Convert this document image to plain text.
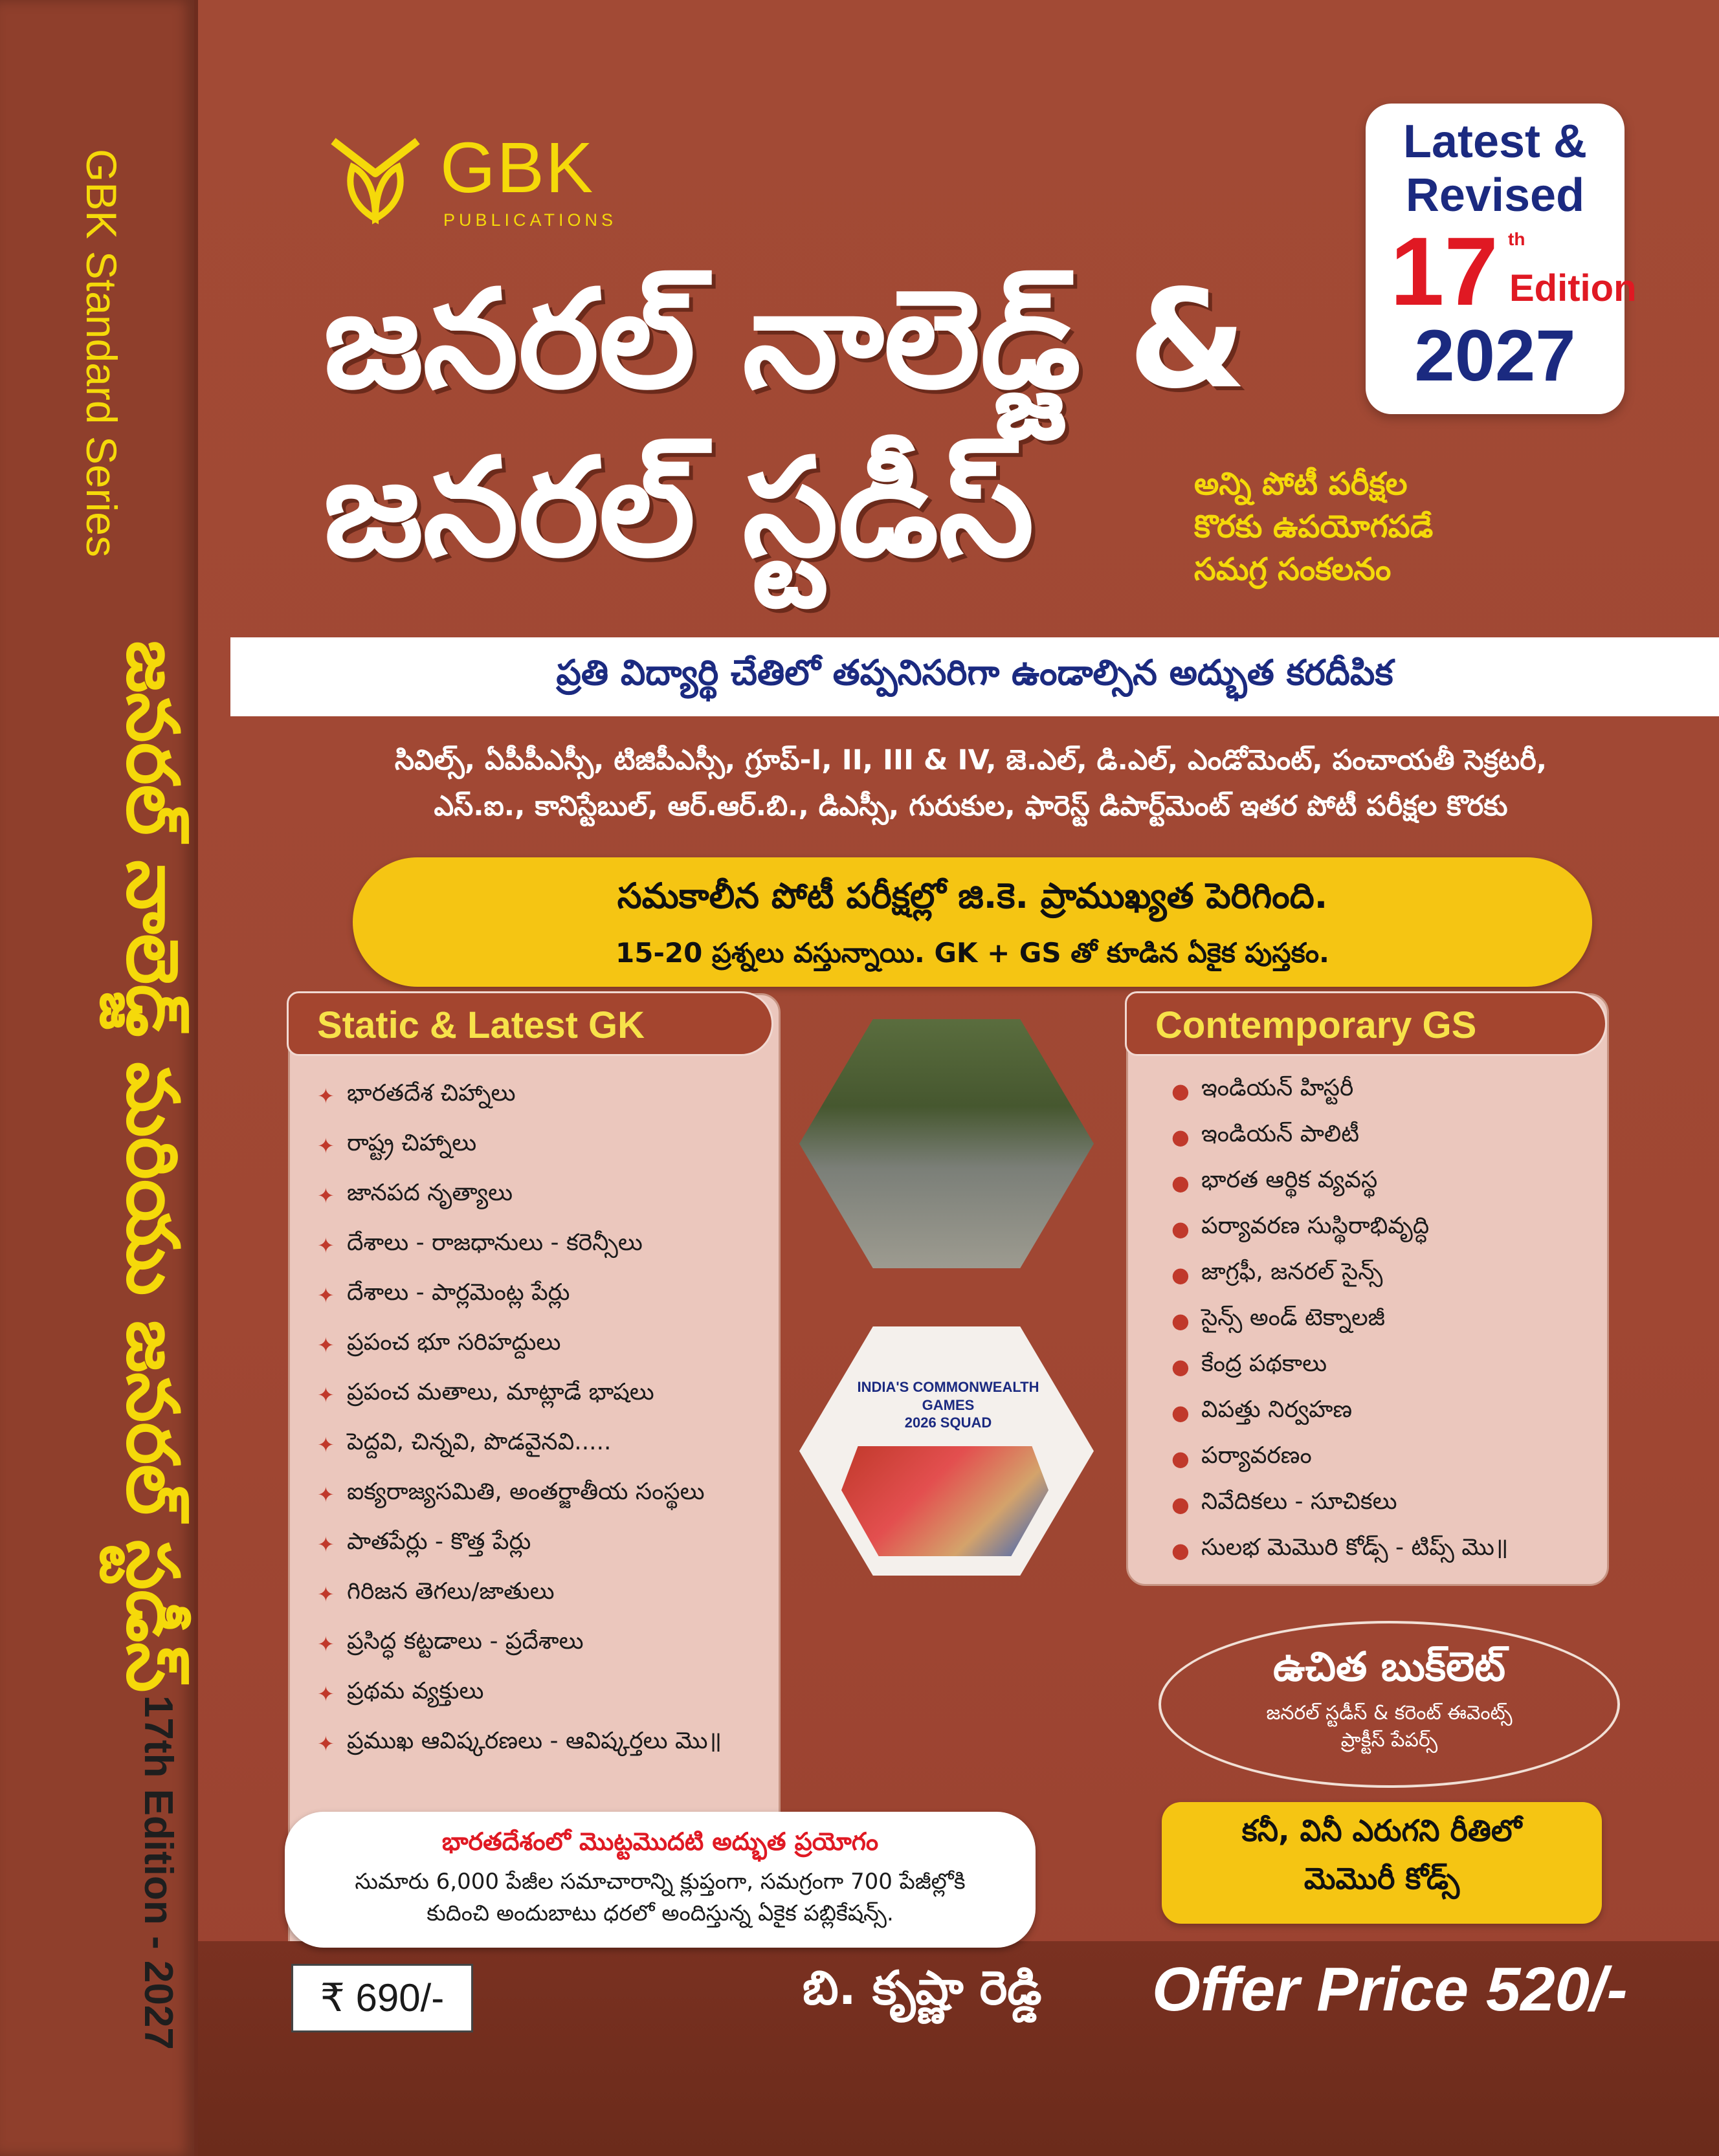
GBK Standard Series
జనరల్ నాలెడ్జ్ మరియు జనరల్ స్టడీస్
17th Edition - 2027
GBK
PUBLICATIONS
జనరల్ నాలెడ్జ్ &
జనరల్ స్టడీస్
Latest &
Revised
17 th
Edition
2027
అన్ని పోటీ పరీక్షల
కొరకు ఉపయోగపడే
సమగ్ర సంకలనం
ప్రతి విద్యార్థి చేతిలో తప్పనిసరిగా ఉండాల్సిన అద్భుత కరదీపిక
సివిల్స్, ఏపీపీఎస్సీ, టిజిపీఎస్సీ, గ్రూప్-I, II, III & IV, జె.ఎల్, డి.ఎల్, ఎండోమెంట్, పంచాయతీ సెక్రటరీ,
ఎస్.ఐ., కానిస్టేబుల్, ఆర్.ఆర్.బి., డిఎస్సీ, గురుకుల, ఫారెస్ట్ డిపార్ట్‌మెంట్ ఇతర పోటీ పరీక్షల కొరకు
సమకాలీన పోటీ పరీక్షల్లో జి.కె. ప్రాముఖ్యత పెరిగింది.
15-20 ప్రశ్నలు వస్తున్నాయి. GK + GS తో కూడిన ఏకైక పుస్తకం.
Static & Latest GK
✦ భారతదేశ చిహ్నాలు
✦ రాష్ట్ర చిహ్నాలు
✦ జానపద నృత్యాలు
✦ దేశాలు - రాజధానులు - కరెన్సీలు
✦ దేశాలు - పార్లమెంట్ల పేర్లు
✦ ప్రపంచ భూ సరిహద్దులు
✦ ప్రపంచ మతాలు, మాట్లాడే భాషలు
✦ పెద్దవి, చిన్నవి, పొడవైనవి.....
✦ ఐక్యరాజ్యసమితి, అంతర్జాతీయ సంస్థలు
✦ పాతపేర్లు - కొత్త పేర్లు
✦ గిరిజన తెగలు/జాతులు
✦ ప్రసిద్ధ కట్టడాలు - ప్రదేశాలు
✦ ప్రథమ వ్యక్తులు
✦ ప్రముఖ ఆవిష్కరణలు - ఆవిష్కర్తలు మొ॥
INDIA'S COMMONWEALTH GAMES
2026 SQUAD
Contemporary GS
● ఇండియన్ హిస్టరీ
● ఇండియన్ పాలిటీ
● భారత ఆర్థిక వ్యవస్థ
● పర్యావరణ సుస్థిరాభివృద్ధి
● జాగ్రఫీ, జనరల్ సైన్స్
● సైన్స్ అండ్ టెక్నాలజీ
● కేంద్ర పథకాలు
● విపత్తు నిర్వహణ
● పర్యావరణం
● నివేదికలు - సూచికలు
● సులభ మెమొరి కోడ్స్ - టిప్స్ మొ॥
ఉచిత బుక్‌లెట్
జనరల్ స్టడీస్ & కరెంట్ ఈవెంట్స్
ప్రాక్టీస్ పేపర్స్
భారతదేశంలో మొట్టమొదటి అద్భుత ప్రయోగం
సుమారు 6,000 పేజీల సమాచారాన్ని క్లుప్తంగా, సమగ్రంగా 700 పేజీల్లోకి
కుదించి అందుబాటు ధరలో అందిస్తున్న ఏకైక పబ్లికేషన్స్.
కనీ, వినీ ఎరుగని రీతిలో
మెమొరీ కోడ్స్
₹ 690/-	బి. కృష్ణా రెడ్డి Offer Price 520/-
